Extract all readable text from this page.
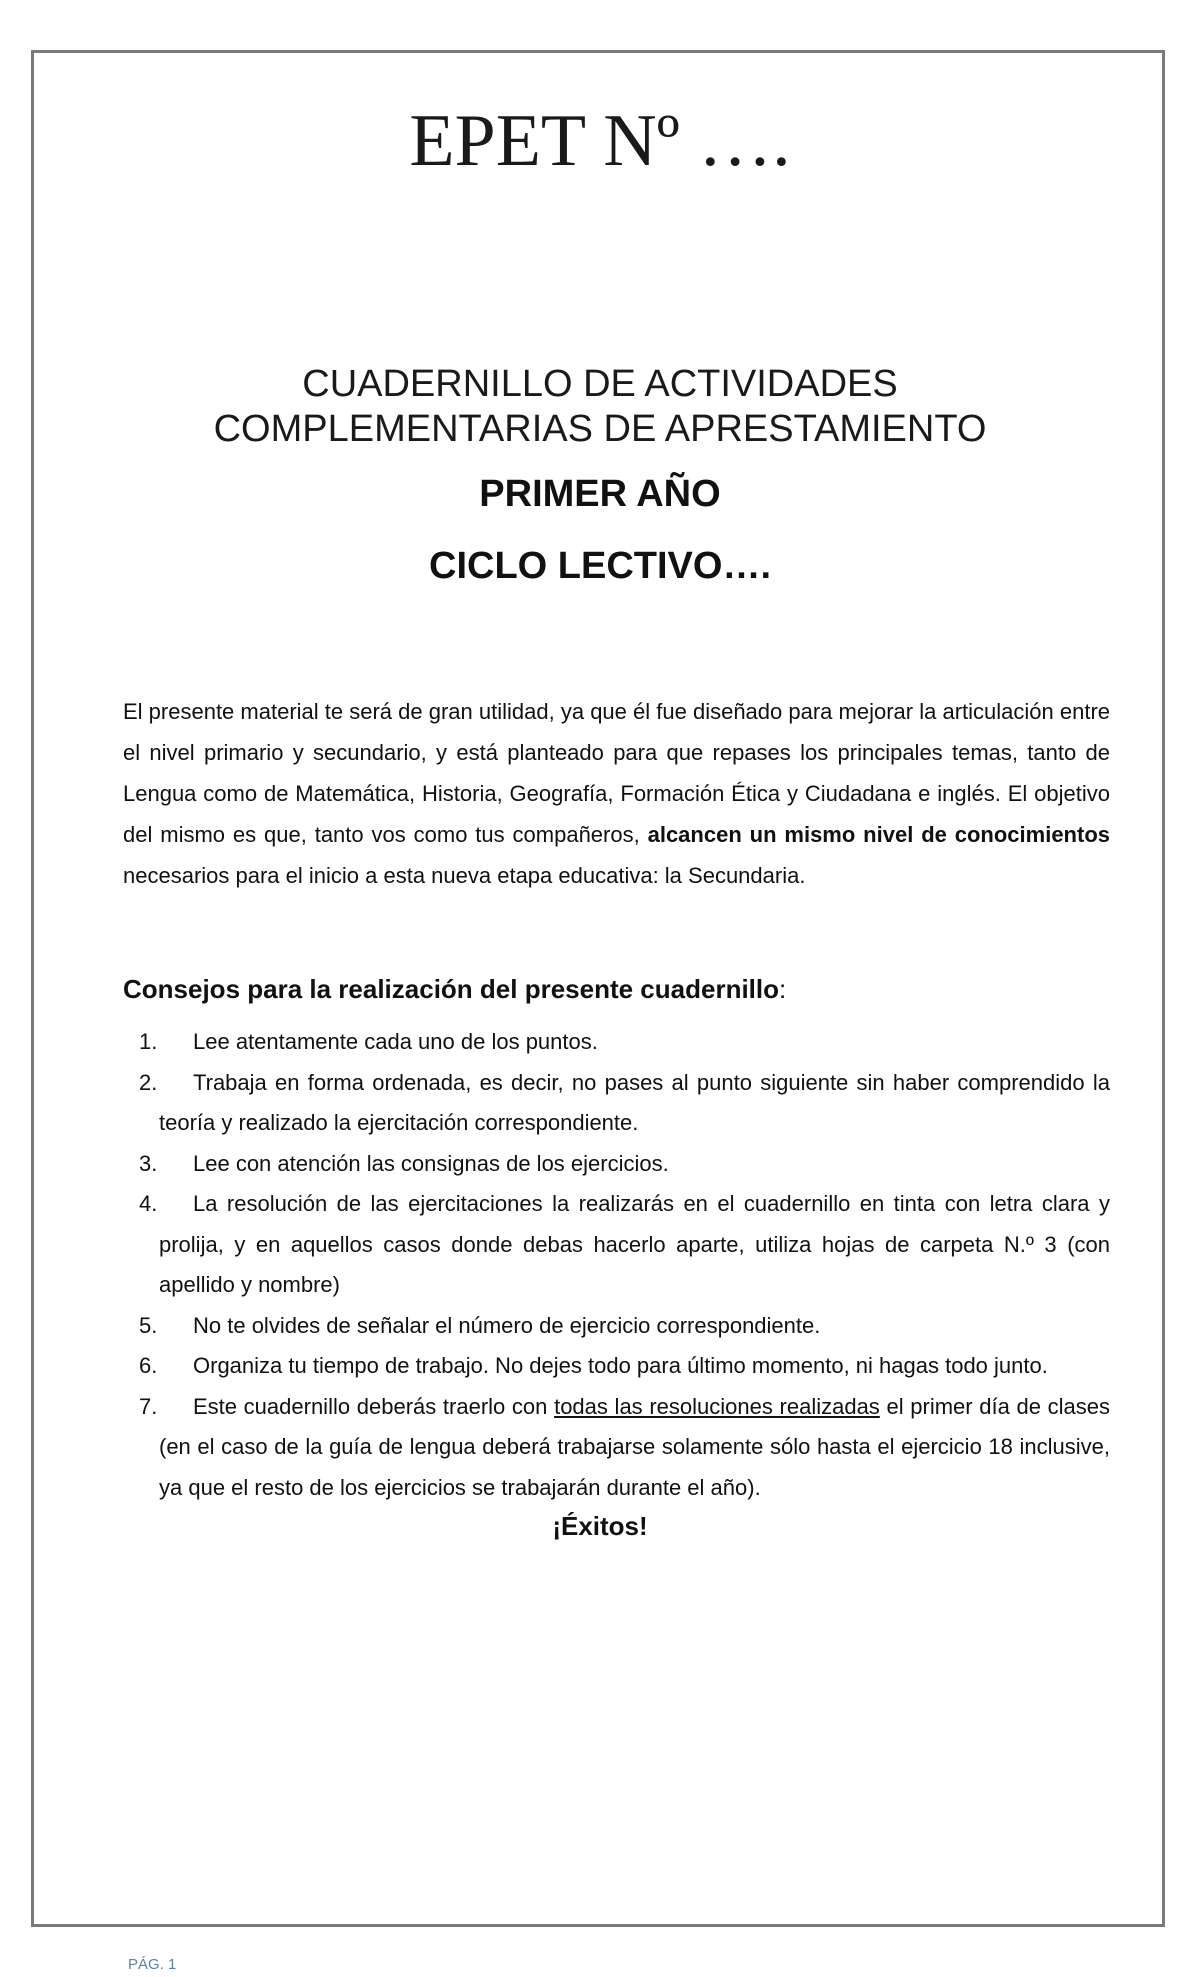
EPET Nº ….
CUADERNILLO DE ACTIVIDADES
COMPLEMENTARIAS DE APRESTAMIENTO
PRIMER AÑO
CICLO LECTIVO….

El presente material te será de gran utilidad, ya que él fue diseñado para mejorar la articulación entre el nivel primario y secundario, y está planteado para que repases los principales temas, tanto de Lengua como de Matemática, Historia, Geografía, Formación Ética y Ciudadana e inglés. El objetivo del mismo es que, tanto vos como tus compañeros, alcancen un mismo nivel de conocimientos necesarios para el inicio a esta nueva etapa educativa: la Secundaria.

Consejos para la realización del presente cuadernillo:
1. Lee atentamente cada uno de los puntos.
2. Trabaja en forma ordenada, es decir, no pases al punto siguiente sin haber comprendido la teoría y realizado la ejercitación correspondiente.
3. Lee con atención las consignas de los ejercicios.
4. La resolución de las ejercitaciones la realizarás en el cuadernillo en tinta con letra clara y prolija, y en aquellos casos donde debas hacerlo aparte, utiliza hojas de carpeta N.º 3 (con apellido y nombre)
5. No te olvides de señalar el número de ejercicio correspondiente.
6. Organiza tu tiempo de trabajo. No dejes todo para último momento, ni hagas todo junto.
7. Este cuadernillo deberás traerlo con todas las resoluciones realizadas el primer día de clases (en el caso de la guía de lengua deberá trabajarse solamente sólo hasta el ejercicio 18 inclusive, ya que el resto de los ejercicios se trabajarán durante el año).
¡Éxitos!
PÁG. 1
